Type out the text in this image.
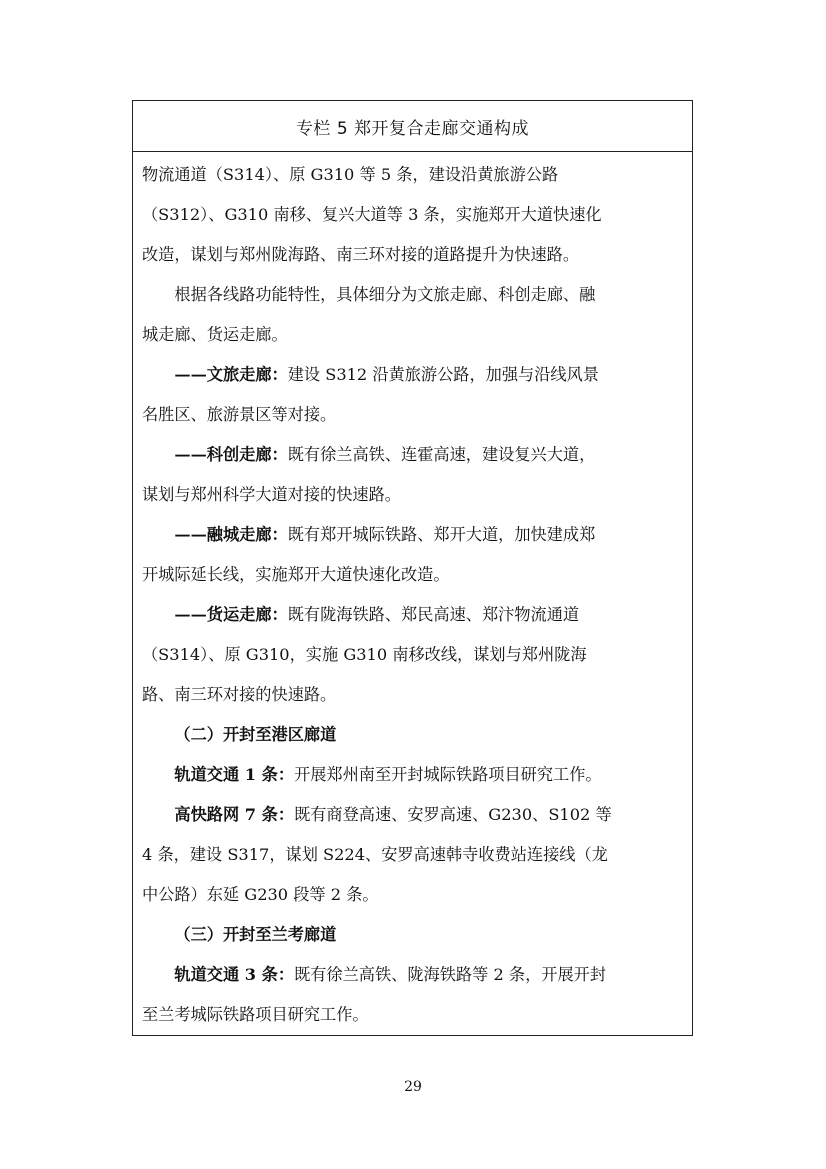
专栏 5 郑开复合走廊交通构成

物流通道（S314）、原 G310 等 5 条，建设沿黄旅游公路

（S312）、G310 南移、复兴大道等 3 条，实施郑开大道快速化

改造，谋划与郑州陇海路、南三环对接的道路提升为快速路。

根据各线路功能特性，具体细分为文旅走廊、科创走廊、融

城走廊、货运走廊。

——文旅走廊：建设 S312 沿黄旅游公路，加强与沿线风景

名胜区、旅游景区等对接。

——科创走廊：既有徐兰高铁、连霍高速，建设复兴大道，

谋划与郑州科学大道对接的快速路。

——融城走廊：既有郑开城际铁路、郑开大道，加快建成郑

开城际延长线，实施郑开大道快速化改造。

——货运走廊：既有陇海铁路、郑民高速、郑汴物流通道

（S314）、原 G310，实施 G310 南移改线，谋划与郑州陇海

路、南三环对接的快速路。

（二）开封至港区廊道

轨道交通 1 条：开展郑州南至开封城际铁路项目研究工作。

高快路网 7 条：既有商登高速、安罗高速、G230、S102 等

4 条，建设 S317，谋划 S224、安罗高速韩寺收费站连接线（龙

中公路）东延 G230 段等 2 条。

（三）开封至兰考廊道

轨道交通 3 条：既有徐兰高铁、陇海铁路等 2 条，开展开封

至兰考城际铁路项目研究工作。

29
